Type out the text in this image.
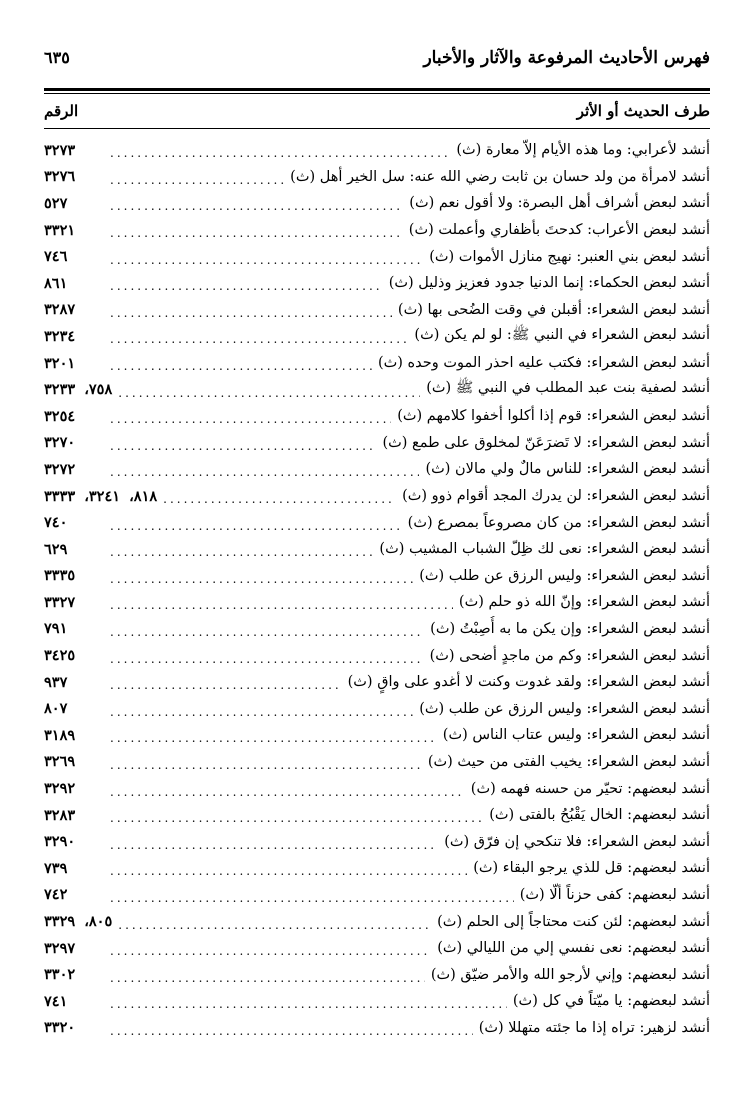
فهرس الأحاديث المرفوعة والآثار والأخبار
٦٣٥
طرف الحديث أو الأثر
الرقم
أنشد لأعرابي: وما هذه الأيام إلاّ معارة (ث)
.....
٣٢٧٣
أنشد لامرأة من ولد حسان بن ثابت رضي الله عنه: سل الخير أهل (ث)
.....
٣٢٧٦
أنشد لبعض أشراف أهل البصرة: ولا أقول نعم (ث)
.....
٥٢٧
أنشد لبعض الأعراب: كدحتَ بأظفاري وأعملت (ث)
.....
٣٣٢١
أنشد لبعض بني العنبر: نهيج منازل الأموات (ث)
.....
٧٤٦
أنشد لبعض الحكماء: إنما الدنيا جدود فعزيز وذليل (ث)
.....
٨٦١
أنشد لبعض الشعراء: أقبلن في وقت الضُحى بها (ث)
.....
٣٢٨٧
أنشد لبعض الشعراء في النبي ﷺ: لو لم يكن (ث)
.....
٣٢٣٤
أنشد لبعض الشعراء: فكتب عليه احذر الموت وحده (ث)
.....
٣٢٠١
أنشد لصفية بنت عبد المطلب في النبي ﷺ (ث)
.....
٧٥٨، ٣٢٣٣
أنشد لبعض الشعراء: قوم إذا أكلوا أخفوا كلامهم (ث)
.....
٣٢٥٤
أنشد لبعض الشعراء: لا تَضرَعَنّ لمخلوق على طمع (ث)
.....
٣٢٧٠
أنشد لبعض الشعراء: للناس مالٌ ولي مالان (ث)
.....
٣٢٧٢
أنشد لبعض الشعراء: لن يدرك المجد أقوام ذوو (ث)
.....
٨١٨، ٣٢٤١، ٣٣٣٣
أنشد لبعض الشعراء: من كان مصروعاً بمصرع (ث)
.....
٧٤٠
أنشد لبعض الشعراء: نعى لك ظِلّ الشباب المشيب (ث)
.....
٦٢٩
أنشد لبعض الشعراء: وليس الرزق عن طلب (ث)
.....
٣٣٣٥
أنشد لبعض الشعراء: وإنّ الله ذو حلم (ث)
.....
٣٣٢٧
أنشد لبعض الشعراء: وإن يكن ما به أُصِبْتُ (ث)
.....
٧٩١
أنشد لبعض الشعراء: وكم من ماجدٍ أضحى (ث)
.....
٣٤٢٥
أنشد لبعض الشعراء: ولقد غدوت وكنت لا أغدو على واقٍ (ث)
.....
٩٣٧
أنشد لبعض الشعراء: وليس الرزق عن طلب (ث)
.....
٨٠٧
أنشد لبعض الشعراء: وليس عتاب الناس (ث)
.....
٣١٨٩
أنشد لبعض الشعراء: يخيب الفتى من حيث (ث)
.....
٣٢٦٩
أنشد لبعضهم: تحيّر من حسنه فهمه (ث)
.....
٣٢٩٢
أنشد لبعضهم: الخال يَقْبُحُ بالفتى (ث)
.....
٣٢٨٣
أنشد لبعض الشعراء: فلا تنكحي إن فرّق (ث)
.....
٣٢٩٠
أنشد لبعضهم: قل للذي يرجو البقاء (ث)
.....
٧٣٩
أنشد لبعضهم: كفى حزناً ألّا (ث)
.....
٧٤٢
أنشد لبعضهم: لئن كنت محتاجاً إلى الحلم (ث)
.....
٨٠٥، ٣٣٢٩
أنشد لبعضهم: نعى نفسي إلي من الليالي (ث)
.....
٣٢٩٧
أنشد لبعضهم: وإني لأرجو الله والأمر ضيّق (ث)
.....
٣٣٠٢
أنشد لبعضهم: يا ميّتاً في كل (ث)
.....
٧٤١
أنشد لزهير: تراه إذا ما جئته متهللا (ث)
.....
٣٣٢٠
